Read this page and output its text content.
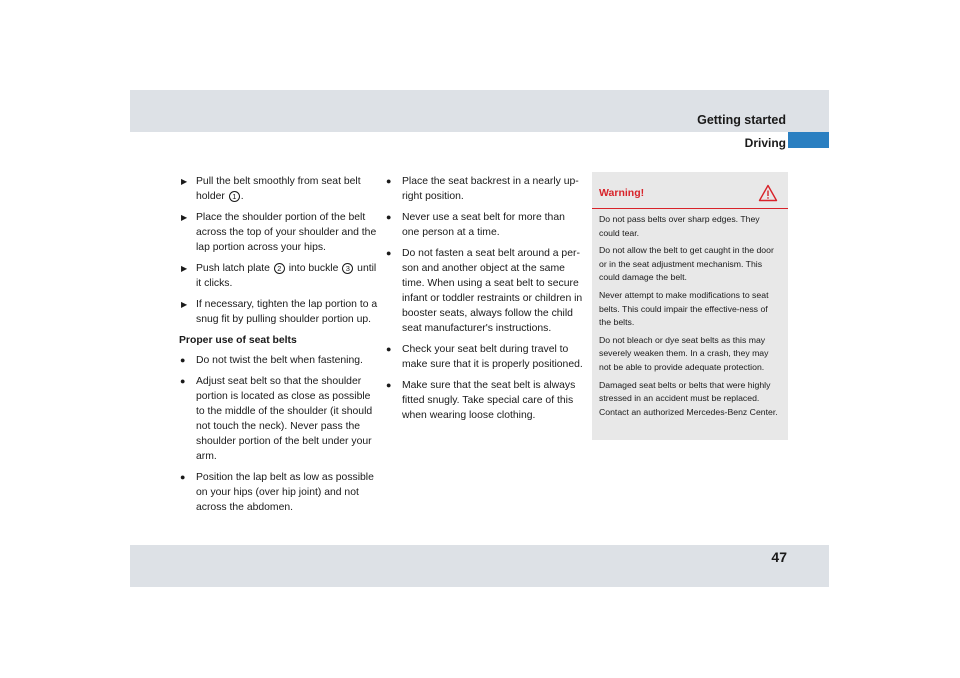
Getting started
Driving
▶ Pull the belt smoothly from seat belt holder 1 .
▶ Place the shoulder portion of the belt across the top of your shoulder and the lap portion across your hips.
▶ Push latch plate 2 into buckle 3 until it clicks.
▶ If necessary, tighten the lap portion to a snug fit by pulling shoulder portion up.
Proper use of seat belts
●	Do not twist the belt when fastening.
●	Adjust seat belt so that the shoulder portion is located as close as possible to the middle of the shoulder (it should not touch the neck). Never pass the shoulder portion of the belt under your arm.
●	Position the lap belt as low as possible on your hips (over hip joint) and not across the abdomen.
●	Place the seat backrest in a nearly up-right position.
●	Never use a seat belt for more than one person at a time.
●	Do not fasten a seat belt around a per-son and another object at the same time. When using a seat belt to secure infant or toddler restraints or children in booster seats, always follow the child seat manufacturer's instructions.
●	Check your seat belt during travel to make sure that it is properly positioned.
●	Make sure that the seat belt is always fitted snugly. Take special care of this when wearing loose clothing.
Warning!

Do not pass belts over sharp edges. They could tear.

Do not allow the belt to get caught in the door or in the seat adjustment mechanism. This could damage the belt.

Never attempt to make modifications to seat belts. This could impair the effective-ness of the belts.

Do not bleach or dye seat belts as this may severely weaken them. In a crash, they may not be able to provide adequate protection.

Damaged seat belts or belts that were highly stressed in an accident must be replaced. Contact an authorized Mercedes-Benz Center.

47
